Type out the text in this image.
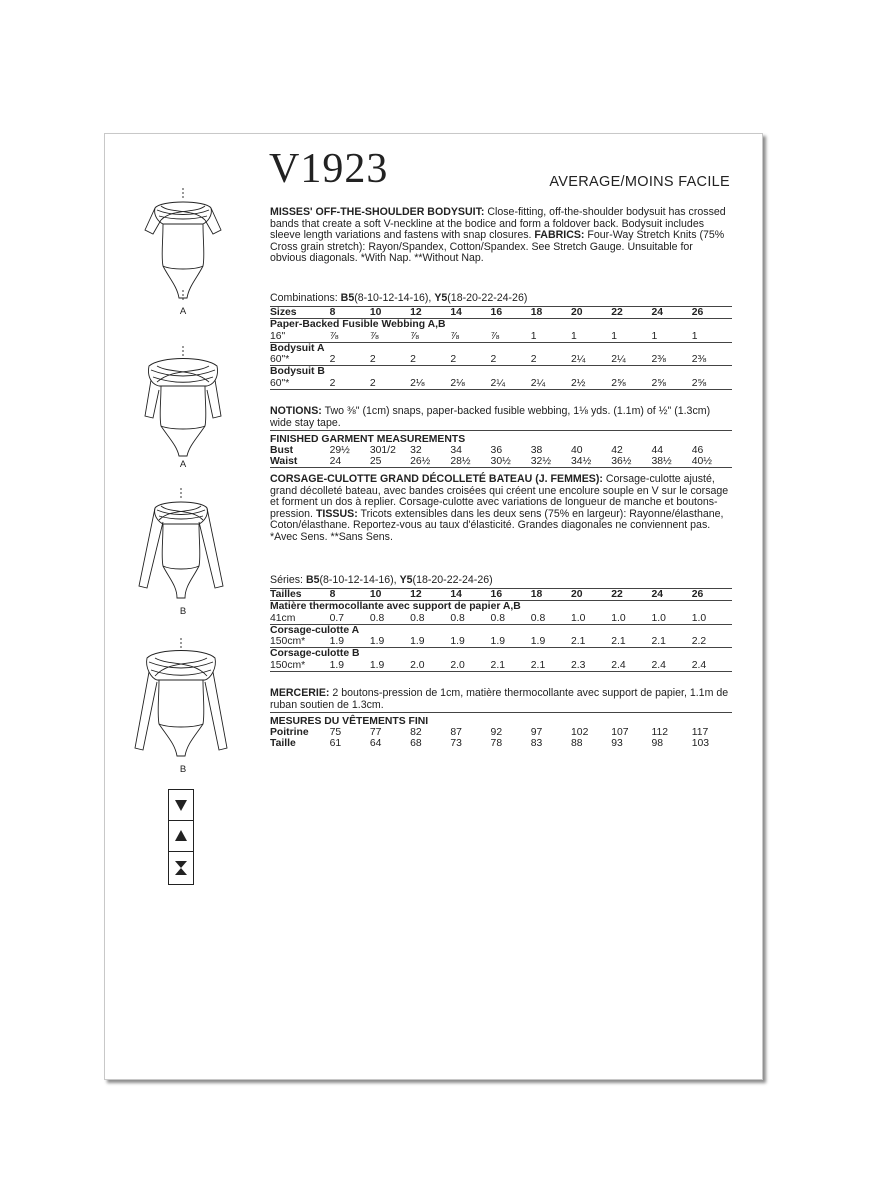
V1923	AVERAGE/MOINS FACILE
A
A
B
B

MISSES' OFF-THE-SHOULDER BODYSUIT: Close-fitting, off-the-shoulder bodysuit has crossed bands that create a soft V-neckline at the bodice and form a foldover back. Bodysuit includes sleeve length variations and fastens with snap closures. FABRICS: Four-Way Stretch Knits (75% Cross grain stretch): Rayon/Spandex, Cotton/Spandex. See Stretch Gauge. Unsuitable for obvious diagonals. *With Nap. **Without Nap.

Combinations: B5(8-10-12-14-16), Y5(18-20-22-24-26)
Sizes	8	10	12	14	16	18	20	22	24	26
Paper-Backed Fusible Webbing A,B										
16"	⅞	⅞	⅞	⅞	⅞	1	1	1	1	1
Bodysuit A										
60"*	2	2	2	2	2	2	2¼	2¼	2⅜	2⅜
Bodysuit B										
60"*	2	2	2⅛	2⅛	2¼	2¼	2½	2⅝	2⅝	2⅝

NOTIONS: Two ⅜" (1cm) snaps, paper-backed fusible webbing, 1⅛ yds. (1.1m) of ½" (1.3cm) wide stay tape.

FINISHED GARMENT MEASUREMENTS										
Bust	29½	301/2	32	34	36	38	40	42	44	46
Waist	24	25	26½	28½	30½	32½	34½	36½	38½	40½

CORSAGE-CULOTTE GRAND DÉCOLLETÉ BATEAU (J. FEMMES): Corsage-culotte ajusté, grand décolleté bateau, avec bandes croisées qui créent une encolure souple en V sur le corsage et forment un dos à replier. Corsage-culotte avec variations de longueur de manche et boutons-pression. TISSUS: Tricots extensibles dans les deux sens (75% en largeur): Rayonne/élasthane, Coton/élasthane. Reportez-vous au taux d'élasticité. Grandes diagonales ne conviennent pas. *Avec Sens. **Sans Sens.

Séries: B5(8-10-12-14-16), Y5(18-20-22-24-26)
Tailles	8	10	12	14	16	18	20	22	24	26
Matière thermocollante avec support de papier A,B										
41cm	0.7	0.8	0.8	0.8	0.8	0.8	1.0	1.0	1.0	1.0
Corsage-culotte A										
150cm*	1.9	1.9	1.9	1.9	1.9	1.9	2.1	2.1	2.1	2.2
Corsage-culotte B										
150cm*	1.9	1.9	2.0	2.0	2.1	2.1	2.3	2.4	2.4	2.4

MERCERIE: 2 boutons-pression de 1cm, matière thermocollante avec support de papier, 1.1m de ruban soutien de 1.3cm.

MESURES DU VÊTEMENTS FINI										
Poitrine	75	77	82	87	92	97	102	107	112	117
Taille	61	64	68	73	78	83	88	93	98	103
